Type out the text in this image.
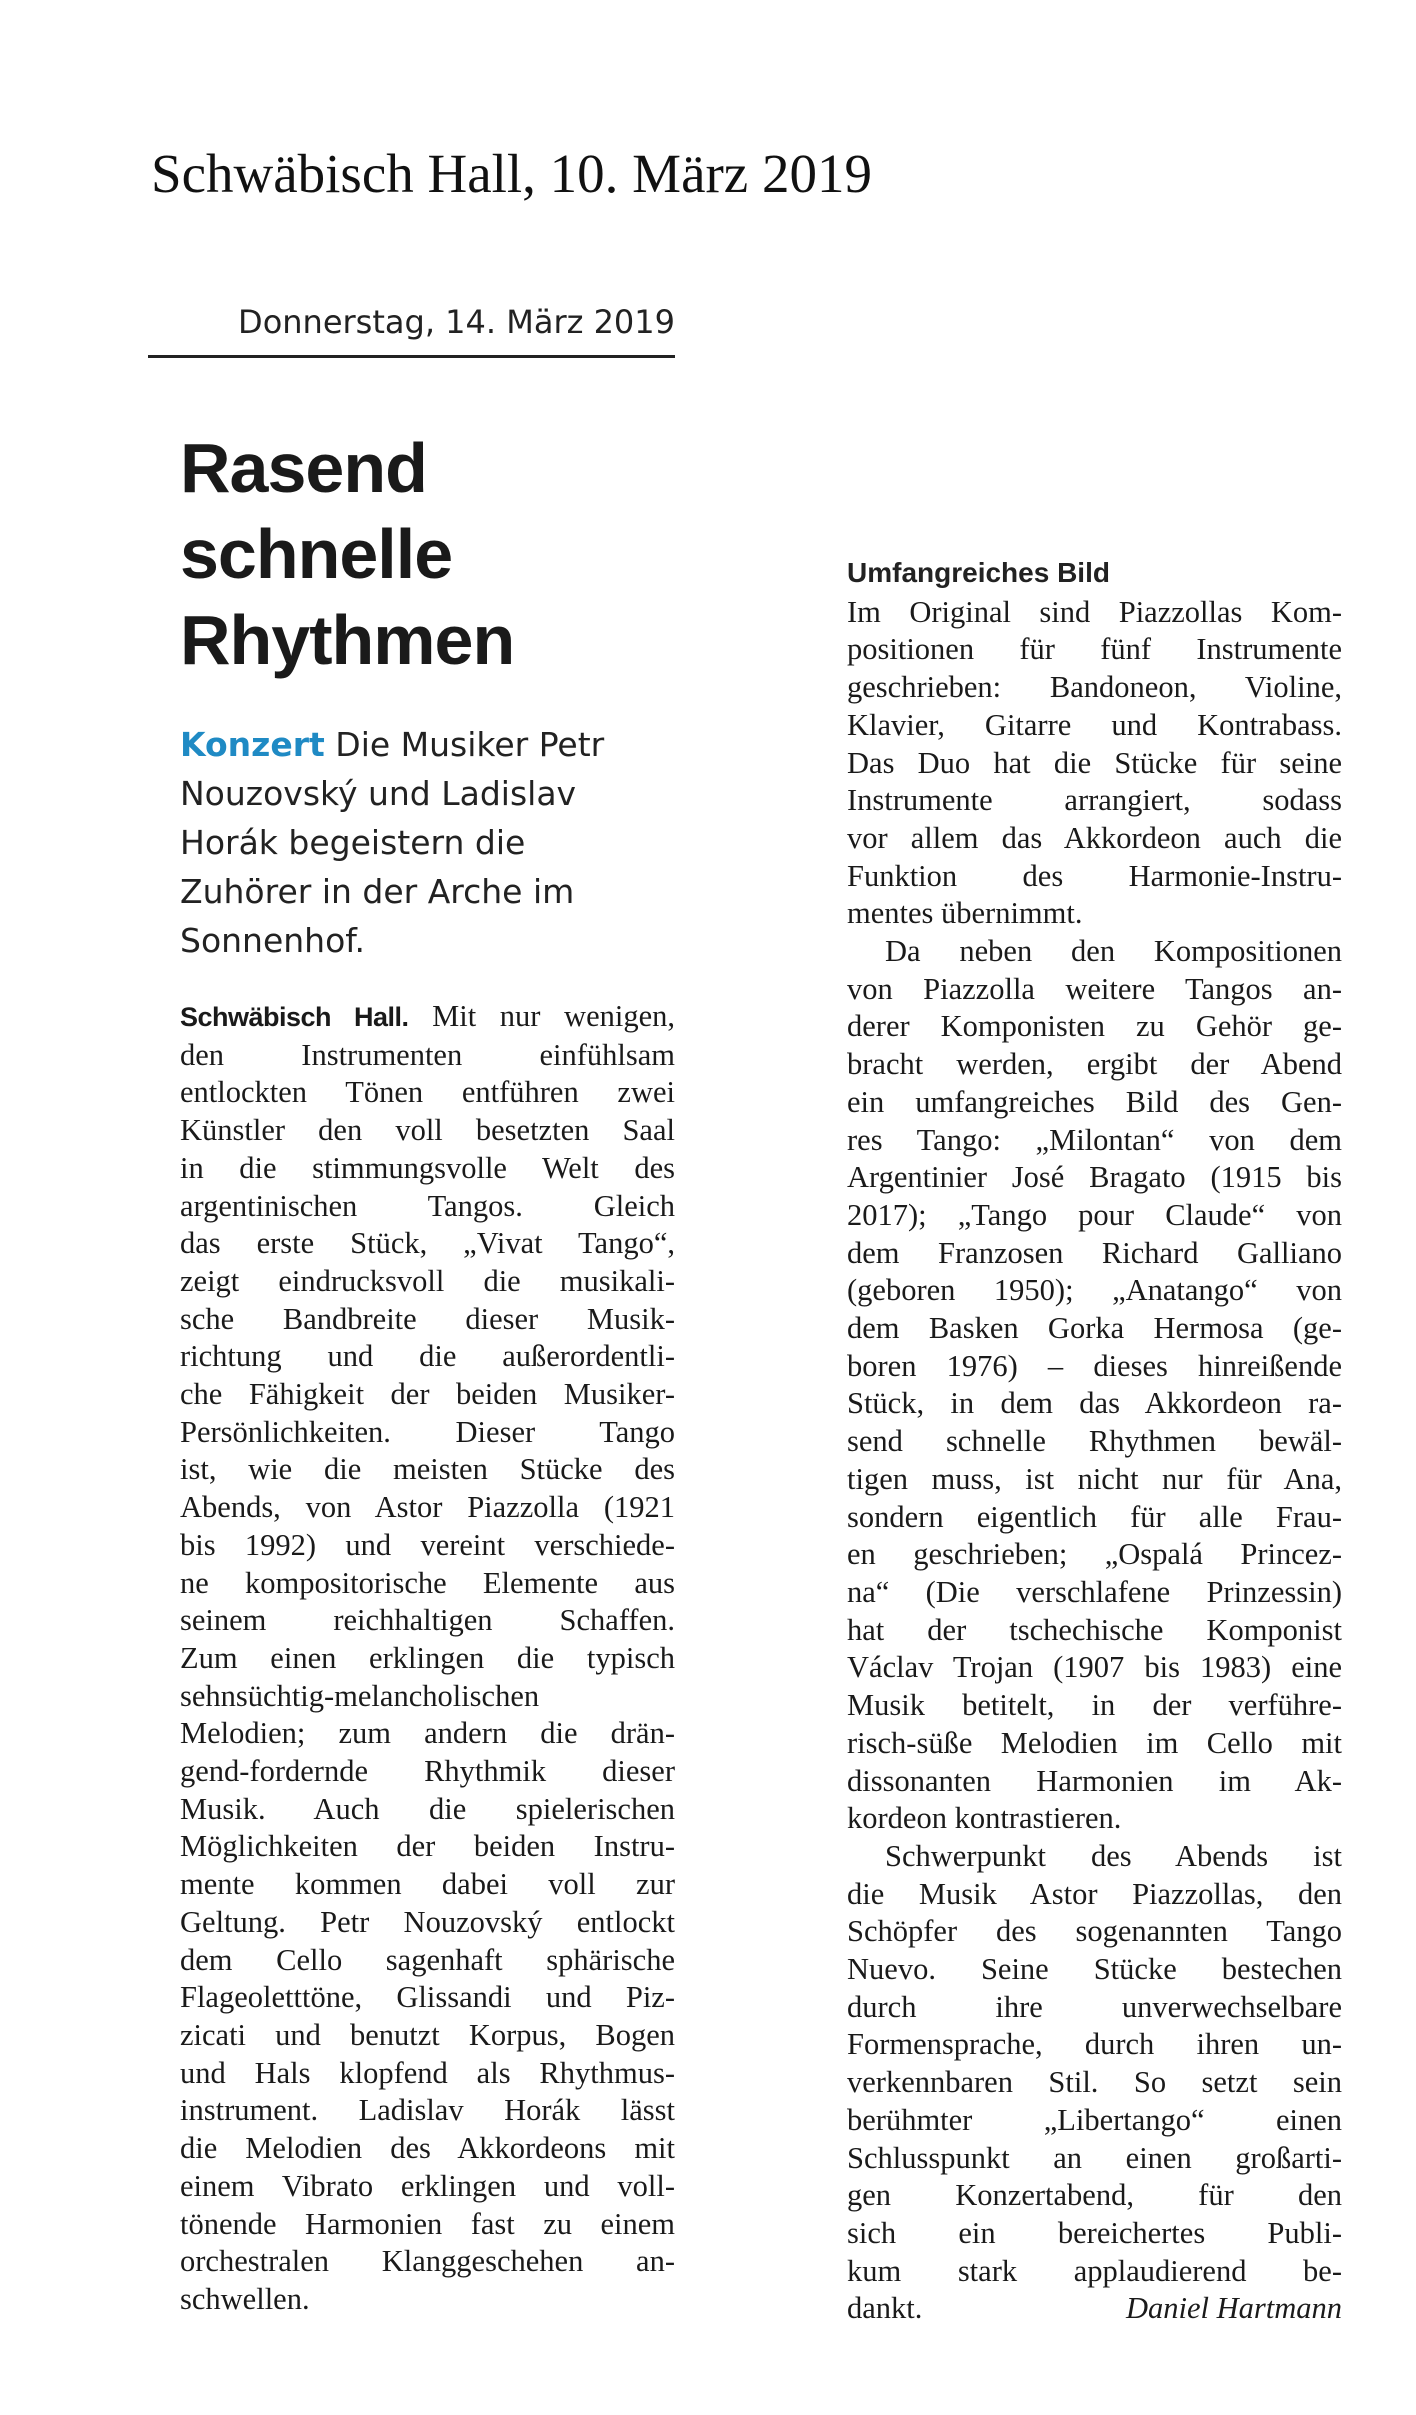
Schwäbisch Hall, 10. März 2019
Donnerstag, 14. März 2019
Rasend
schnelle
Rhythmen
Konzert Die Musiker Petr
Nouzovský und Ladislav
Horák begeistern die
Zuhörer in der Arche im
Sonnenhof.
Schwäbisch Hall. Mit nur wenigen,
den Instrumenten einfühlsam
entlockten Tönen entführen zwei
Künstler den voll besetzten Saal
in die stimmungsvolle Welt des
argentinischen Tangos. Gleich
das erste Stück, „Vivat Tango“,
zeigt eindrucksvoll die musikali-
sche Bandbreite dieser Musik-
richtung und die außerordentli-
che Fähigkeit der beiden Musiker-
Persönlichkeiten. Dieser Tango
ist, wie die meisten Stücke des
Abends, von Astor Piazzolla (1921
bis 1992) und vereint verschiede-
ne kompositorische Elemente aus
seinem reichhaltigen Schaffen.
Zum einen erklingen die typisch
sehnsüchtig-melancholischen
Melodien; zum andern die drän-
gend-fordernde Rhythmik dieser
Musik. Auch die spielerischen
Möglichkeiten der beiden Instru-
mente kommen dabei voll zur
Geltung. Petr Nouzovský entlockt
dem Cello sagenhaft sphärische
Flageoletttöne, Glissandi und Piz-
zicati und benutzt Korpus, Bogen
und Hals klopfend als Rhythmus-
instrument. Ladislav Horák lässt
die Melodien des Akkordeons mit
einem Vibrato erklingen und voll-
tönende Harmonien fast zu einem
orchestralen Klanggeschehen an-
schwellen.
Umfangreiches Bild
Im Original sind Piazzollas Kom-
positionen für fünf Instrumente
geschrieben: Bandoneon, Violine,
Klavier, Gitarre und Kontrabass.
Das Duo hat die Stücke für seine
Instrumente arrangiert, sodass
vor allem das Akkordeon auch die
Funktion des Harmonie-Instru-
mentes übernimmt.
Da neben den Kompositionen
von Piazzolla weitere Tangos an-
derer Komponisten zu Gehör ge-
bracht werden, ergibt der Abend
ein umfangreiches Bild des Gen-
res Tango: „Milontan“ von dem
Argentinier José Bragato (1915 bis
2017); „Tango pour Claude“ von
dem Franzosen Richard Galliano
(geboren 1950); „Anatango“ von
dem Basken Gorka Hermosa (ge-
boren 1976) – dieses hinreißende
Stück, in dem das Akkordeon ra-
send schnelle Rhythmen bewäl-
tigen muss, ist nicht nur für Ana,
sondern eigentlich für alle Frau-
en geschrieben; „Ospalá Princez-
na“ (Die verschlafene Prinzessin)
hat der tschechische Komponist
Václav Trojan (1907 bis 1983) eine
Musik betitelt, in der verführe-
risch-süße Melodien im Cello mit
dissonanten Harmonien im Ak-
kordeon kontrastieren.
Schwerpunkt des Abends ist
die Musik Astor Piazzollas, den
Schöpfer des sogenannten Tango
Nuevo. Seine Stücke bestechen
durch ihre unverwechselbare
Formensprache, durch ihren un-
verkennbaren Stil. So setzt sein
berühmter „Libertango“ einen
Schlusspunkt an einen großarti-
gen Konzertabend, für den
sich ein bereichertes Publi-
kum stark applaudierend be-
dankt.	Daniel Hartmann
